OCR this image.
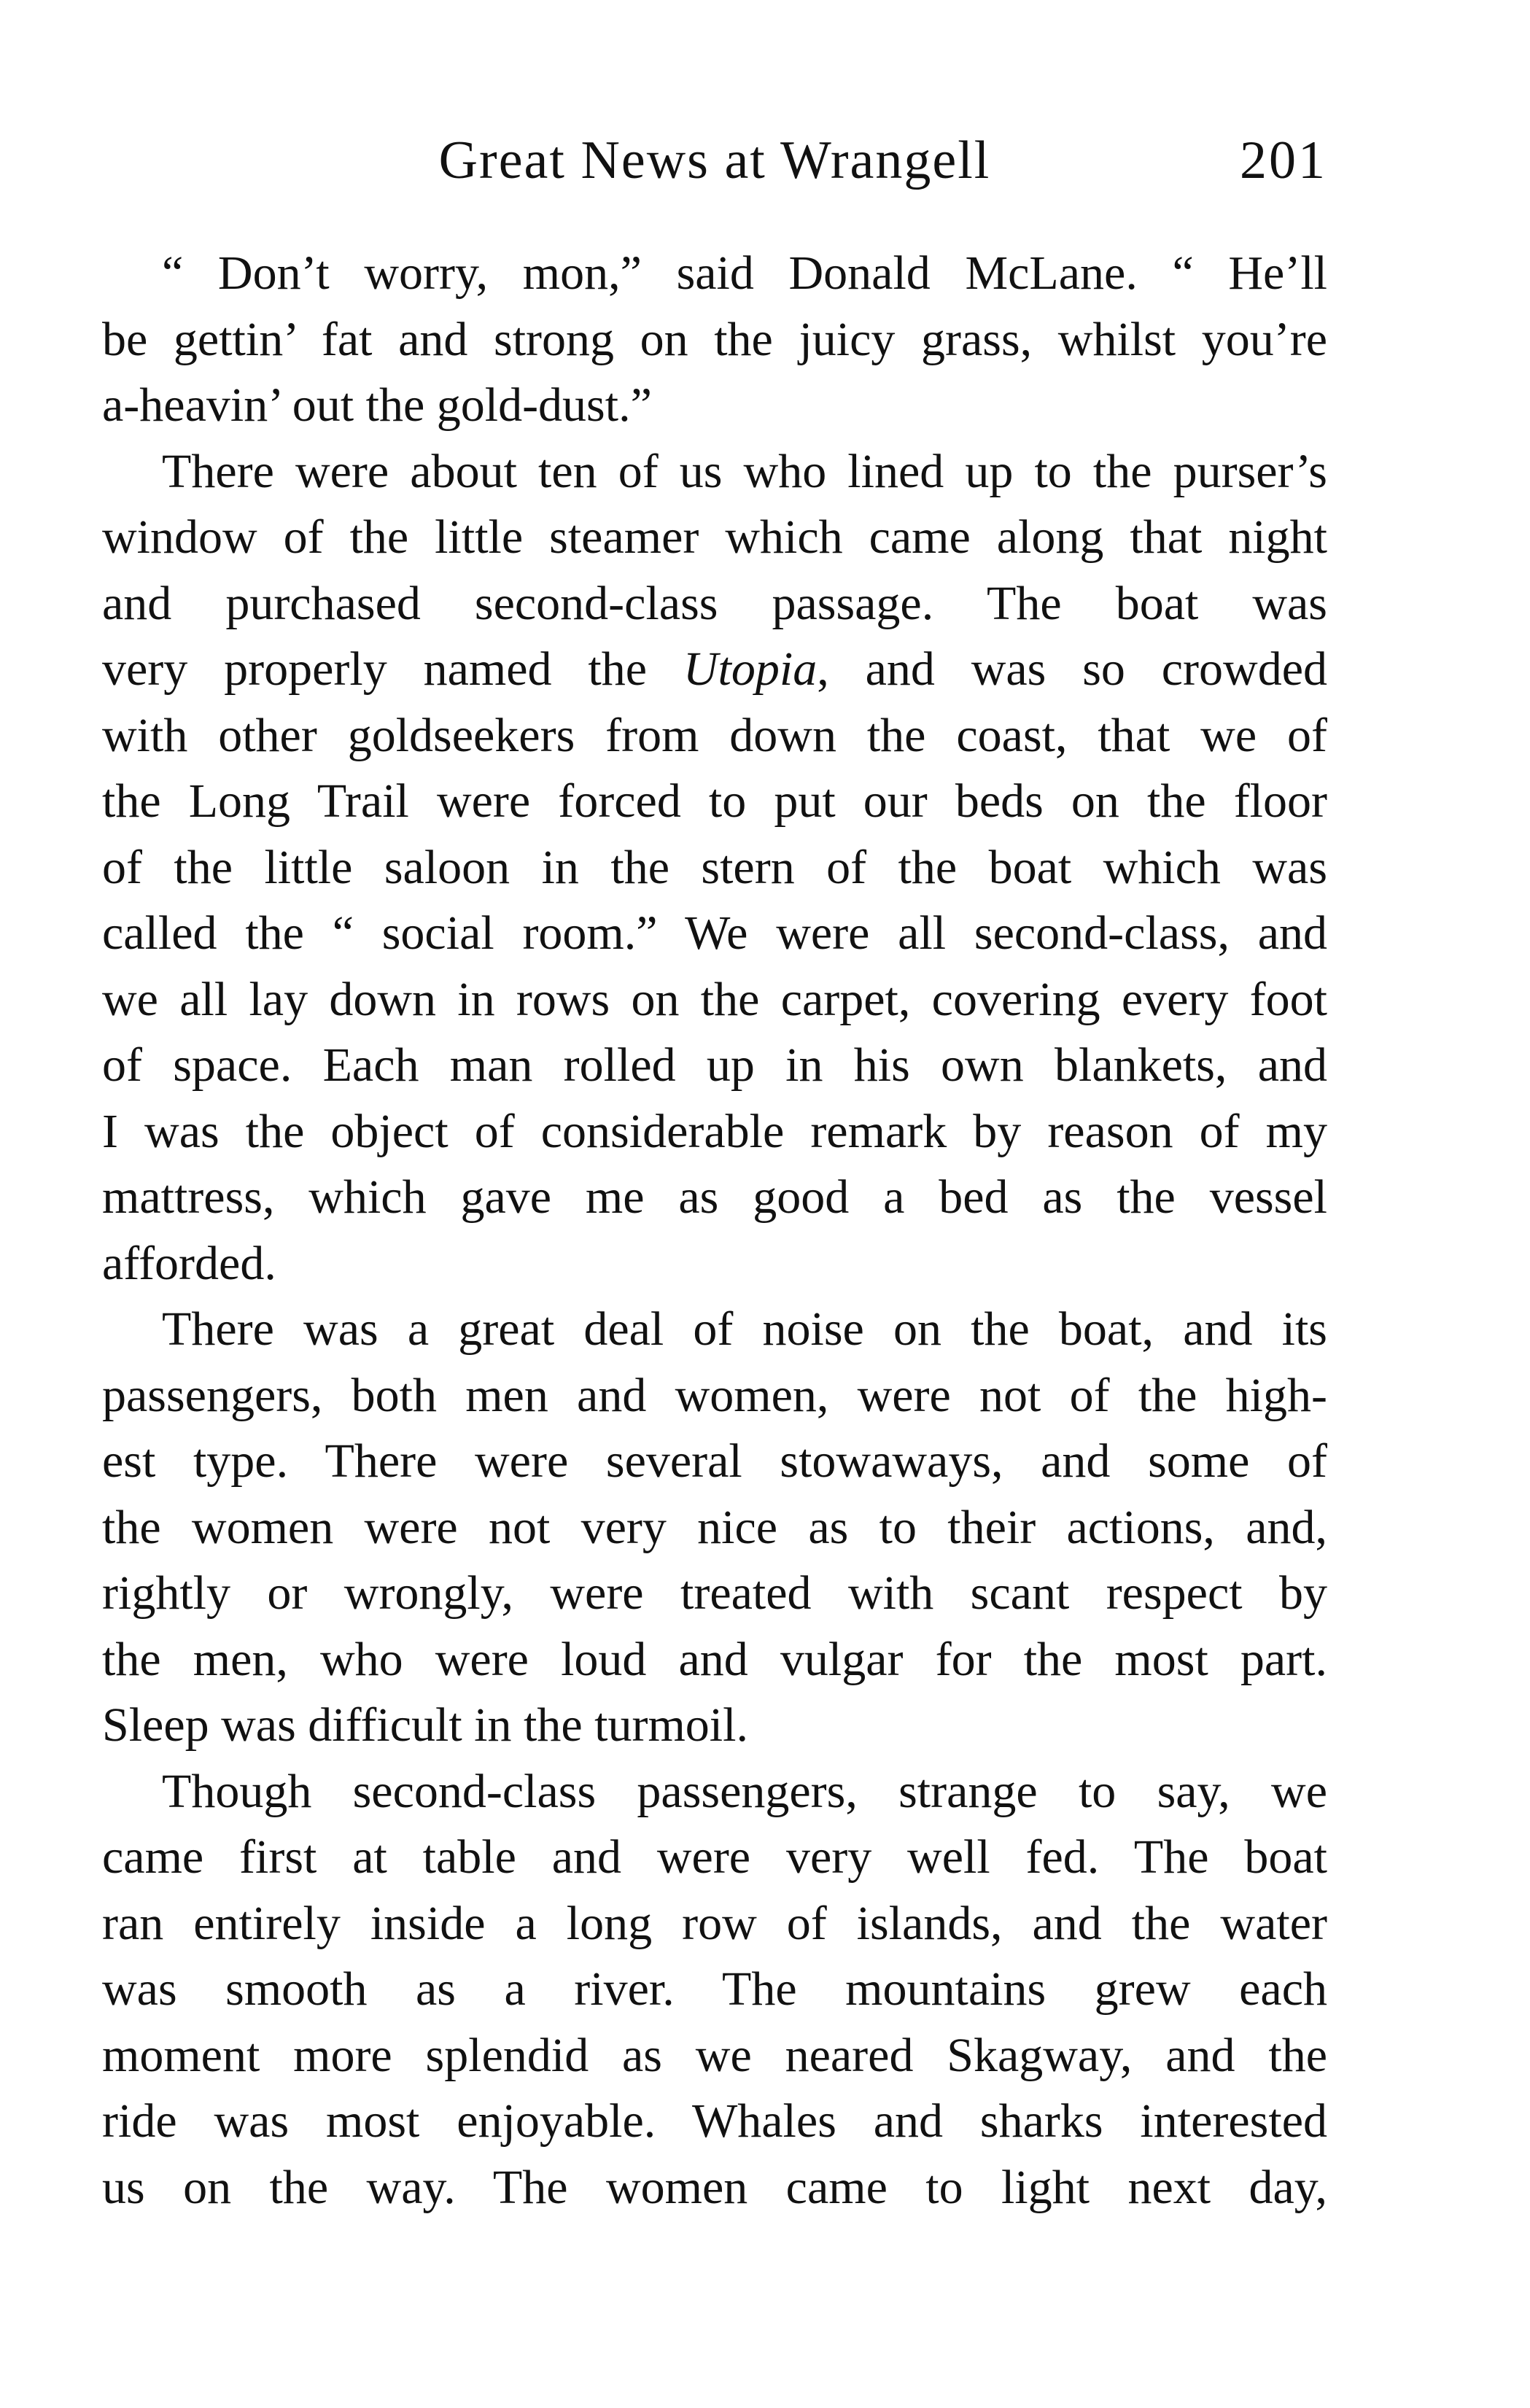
Great News at Wrangell	201
“ Don’t worry, mon,” said Donald McLane. “ He’ll
be gettin’ fat and strong on the juicy grass, whilst you’re
a-heavin’ out the gold-dust.”
There were about ten of us who lined up to the purser’s
window of the little steamer which came along that night
and purchased second-class passage. The boat was
very properly named the Utopia, and was so crowded
with other goldseekers from down the coast, that we of
the Long Trail were forced to put our beds on the floor
of the little saloon in the stern of the boat which was
called the “ social room.” We were all second-class, and
we all lay down in rows on the carpet, covering every foot
of space. Each man rolled up in his own blankets, and
I was the object of considerable remark by reason of my
mattress, which gave me as good a bed as the vessel
afforded.
There was a great deal of noise on the boat, and its
passengers, both men and women, were not of the high-
est type. There were several stowaways, and some of
the women were not very nice as to their actions, and,
rightly or wrongly, were treated with scant respect by
the men, who were loud and vulgar for the most part.
Sleep was difficult in the turmoil.
Though second-class passengers, strange to say, we
came first at table and were very well fed. The boat
ran entirely inside a long row of islands, and the water
was smooth as a river. The mountains grew each
moment more splendid as we neared Skagway, and the
ride was most enjoyable. Whales and sharks interested
us on the way. The women came to light next day,
